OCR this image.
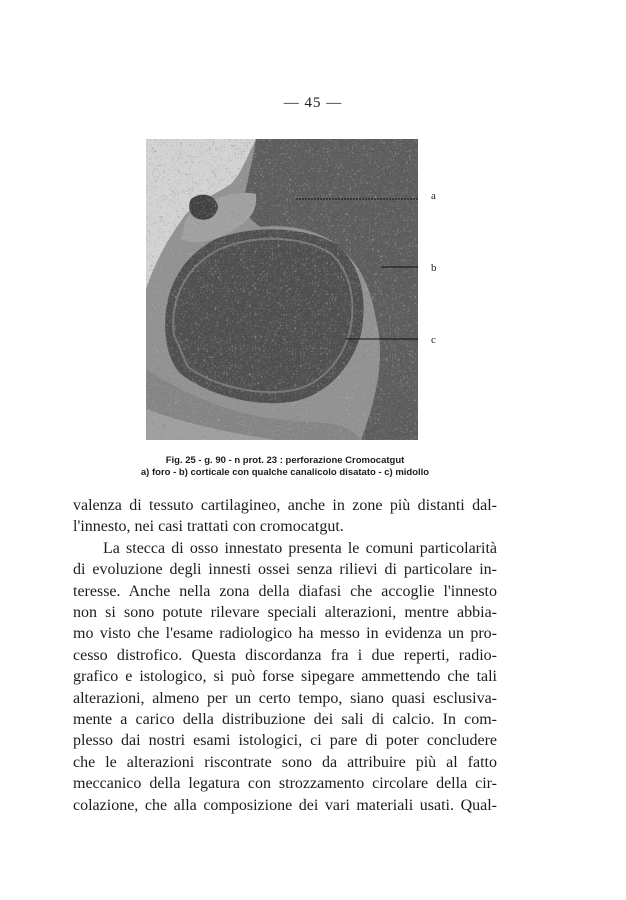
— 45 —
a
b
c
Fig. 25 - g. 90 - n prot. 23 : perforazione Cromocatgut
a) foro - b) corticale con qualche canalicolo disatato - c) midollo
valenza di tessuto cartilagineo, anche in zone più distanti dal-
l'innesto, nei casi trattati con cromocatgut.
La stecca di osso innestato presenta le comuni particolarità
di evoluzione degli innesti ossei senza rilievi di particolare in-
teresse. Anche nella zona della diafasi che accoglie l'innesto
non si sono potute rilevare speciali alterazioni, mentre abbia-
mo visto che l'esame radiologico ha messo in evidenza un pro-
cesso distrofico. Questa discordanza fra i due reperti, radio-
grafico e istologico, si può forse sipegare ammettendo che tali
alterazioni, almeno per un certo tempo, siano quasi esclusiva-
mente a carico della distribuzione dei sali di calcio. In com-
plesso dai nostri esami istologici, ci pare di poter concludere
che le alterazioni riscontrate sono da attribuire più al fatto
meccanico della legatura con strozzamento circolare della cir-
colazione, che alla composizione dei vari materiali usati. Qual-
